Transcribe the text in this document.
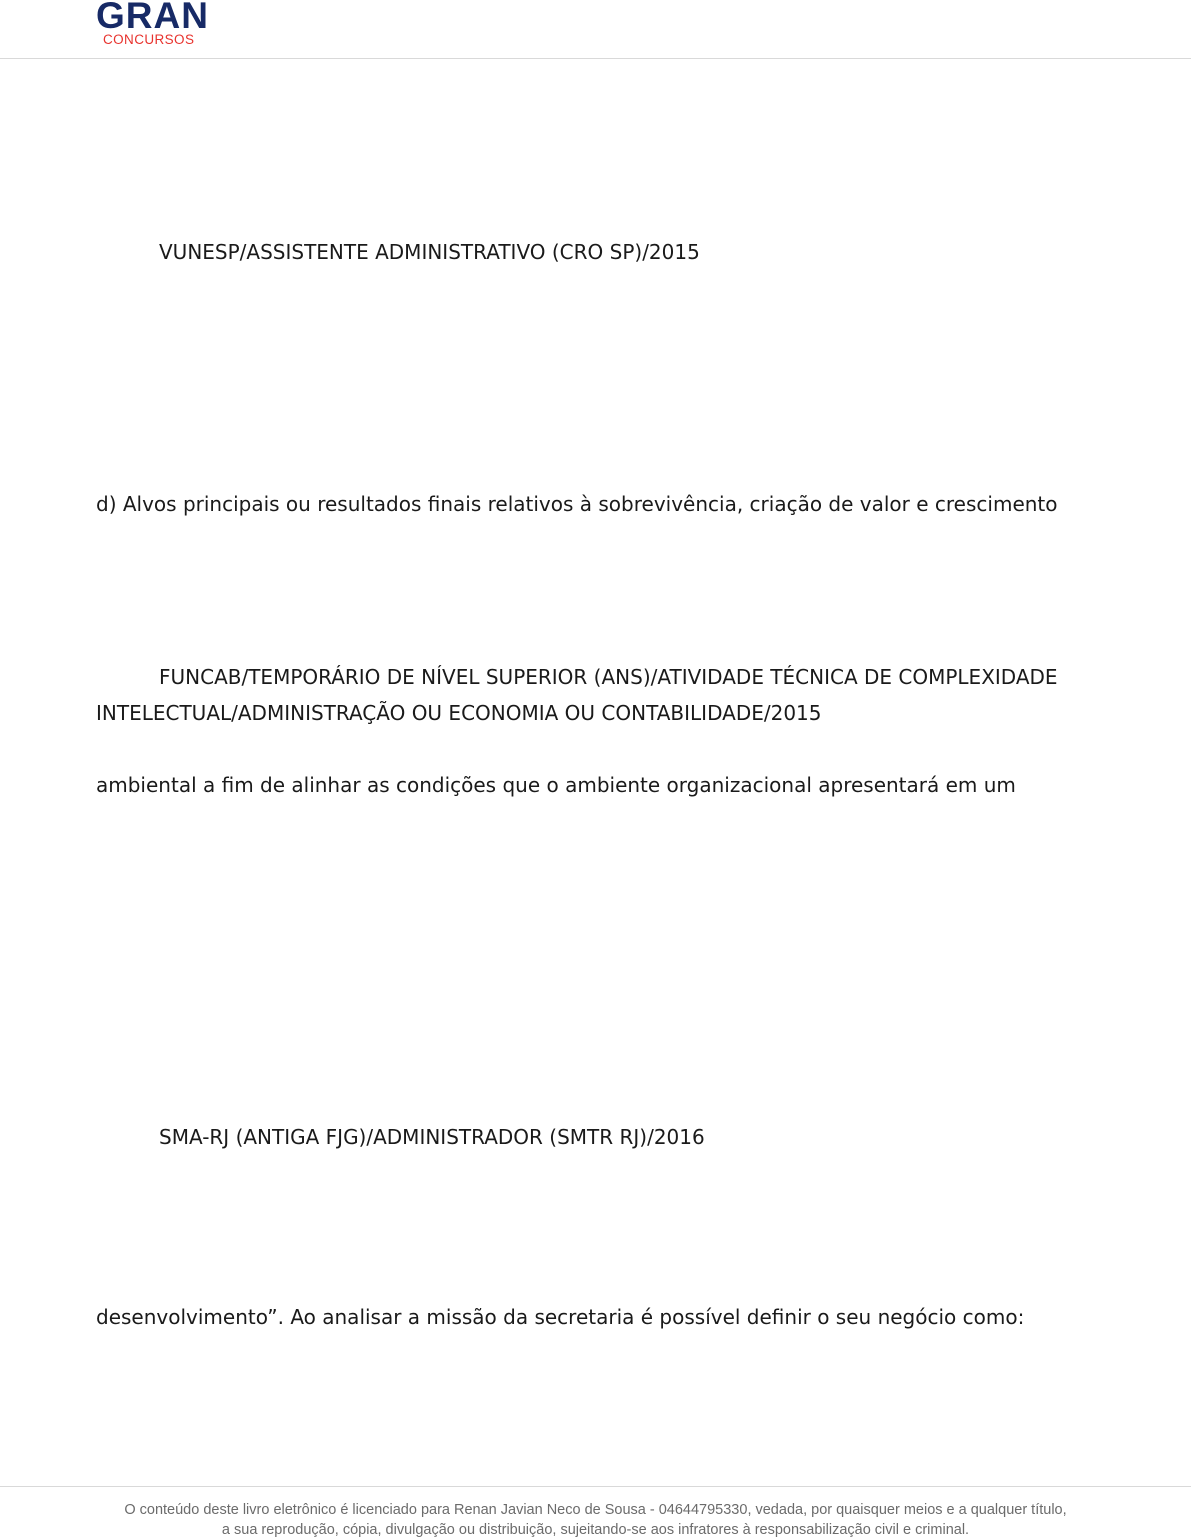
GRAN
CONCURSOS
VUNESP/ASSISTENTE ADMINISTRATIVO (CRO SP)/2015
d) Alvos principais ou resultados finais relativos à sobrevivência, criação de valor e crescimento
FUNCAB/TEMPORÁRIO DE NÍVEL SUPERIOR (ANS)/ATIVIDADE TÉCNICA DE COMPLEXIDADE
INTELECTUAL/ADMINISTRAÇÃO OU ECONOMIA OU CONTABILIDADE/2015
ambiental a fim de alinhar as condições que o ambiente organizacional apresentará em um
SMA-RJ (ANTIGA FJG)/ADMINISTRADOR (SMTR RJ)/2016
desenvolvimento”. Ao analisar a missão da secretaria é possível definir o seu negócio como:
O conteúdo deste livro eletrônico é licenciado para Renan Javian Neco de Sousa - 04644795330, vedada, por quaisquer meios e a qualquer título,
a sua reprodução, cópia, divulgação ou distribuição, sujeitando-se aos infratores à responsabilização civil e criminal.
